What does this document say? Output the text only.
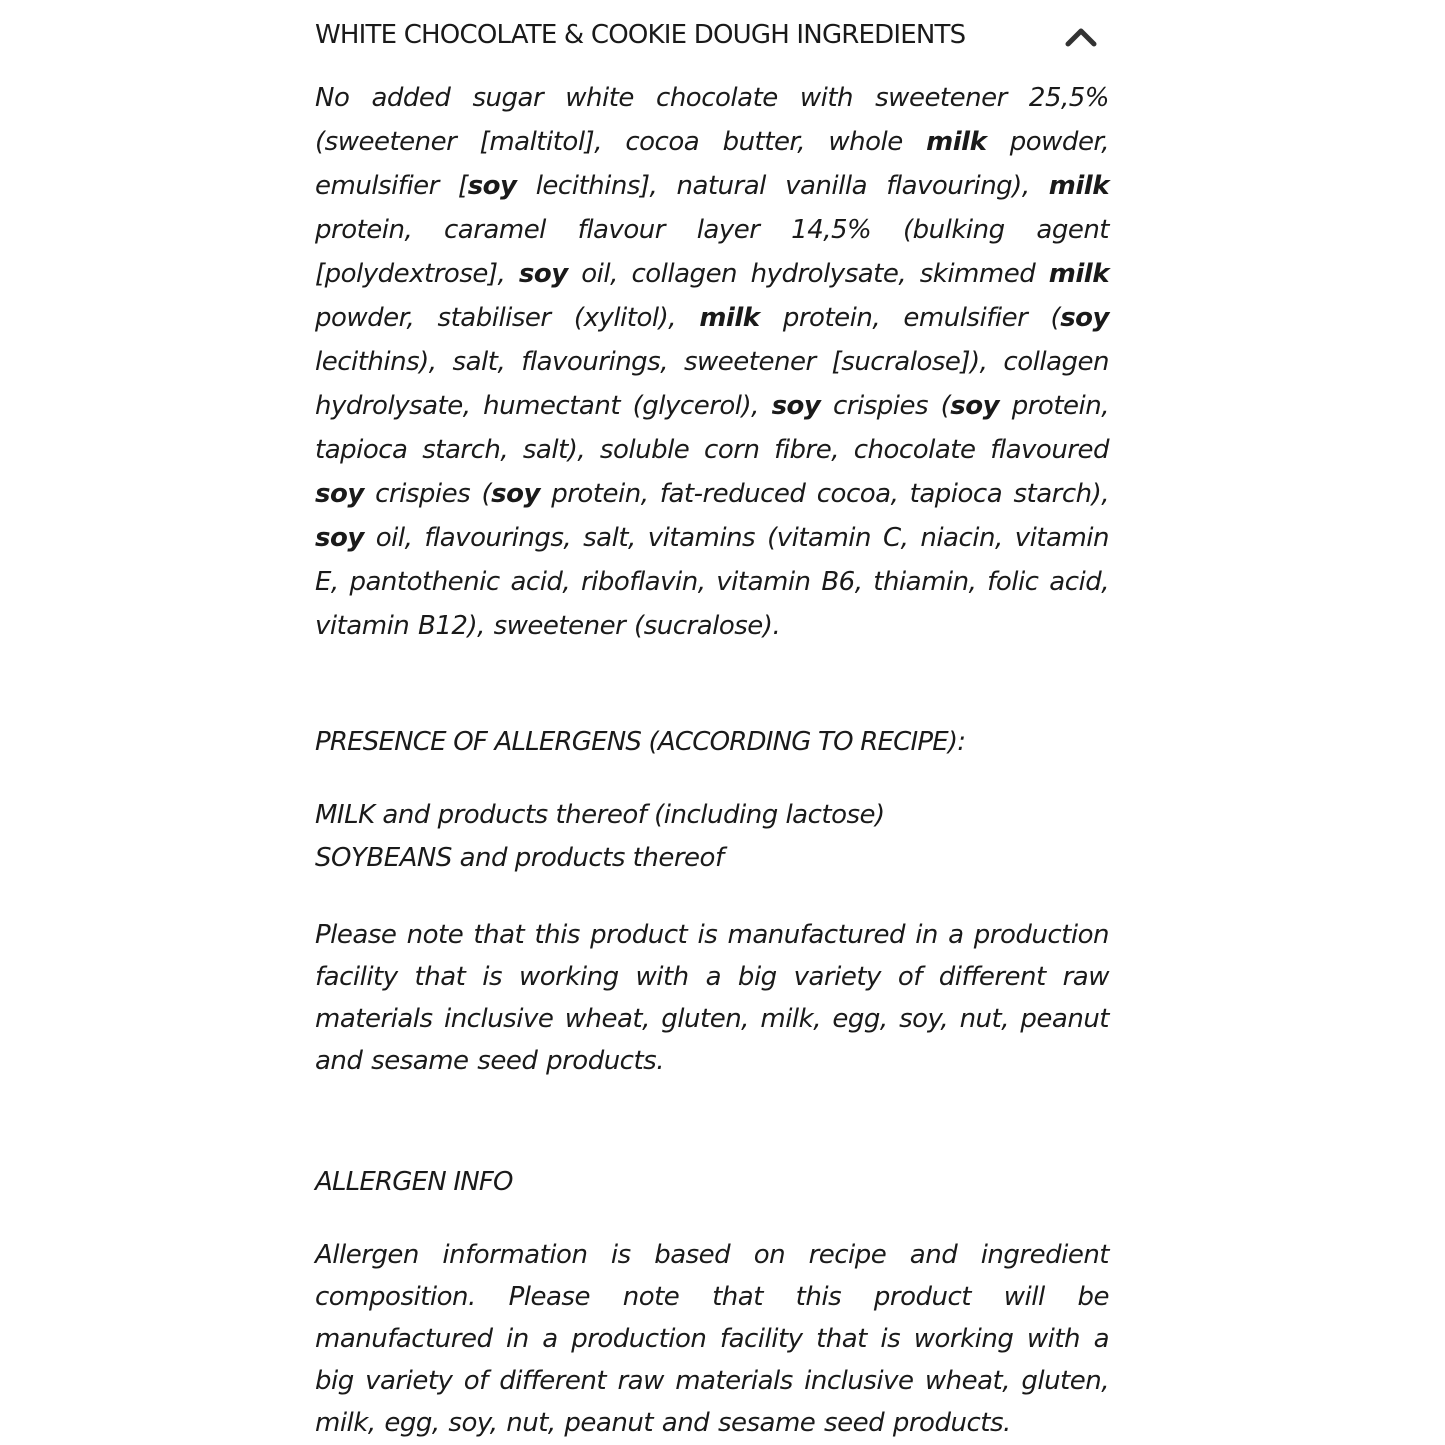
WHITE CHOCOLATE & COOKIE DOUGH INGREDIENTS
No added sugar white chocolate with sweetener 25,5% (sweetener [maltitol], cocoa butter, whole milk powder, emulsifier [soy lecithins], natural vanilla flavouring), milk protein, caramel flavour layer 14,5% (bulking agent [polydextrose], soy oil, collagen hydrolysate, skimmed milk powder, stabiliser (xylitol), milk protein, emulsifier (soy lecithins), salt, flavourings, sweetener [sucralose]), collagen hydrolysate, humectant (glycerol), soy crispies (soy protein, tapioca starch, salt), soluble corn fibre, chocolate flavoured soy crispies (soy protein, fat-reduced cocoa, tapioca starch), soy oil, flavourings, salt, vitamins (vitamin C, niacin, vitamin E, pantothenic acid, riboflavin, vitamin B6, thiamin, folic acid, vitamin B12), sweetener (sucralose).
PRESENCE OF ALLERGENS (ACCORDING TO RECIPE):
MILK and products thereof (including lactose)
SOYBEANS and products thereof
Please note that this product is manufactured in a production facility that is working with a big variety of different raw materials inclusive wheat, gluten, milk, egg, soy, nut, peanut and sesame seed products.
ALLERGEN INFO
Allergen information is based on recipe and ingredient composition. Please note that this product will be manufactured in a production facility that is working with a big variety of different raw materials inclusive wheat, gluten, milk, egg, soy, nut, peanut and sesame seed products.
